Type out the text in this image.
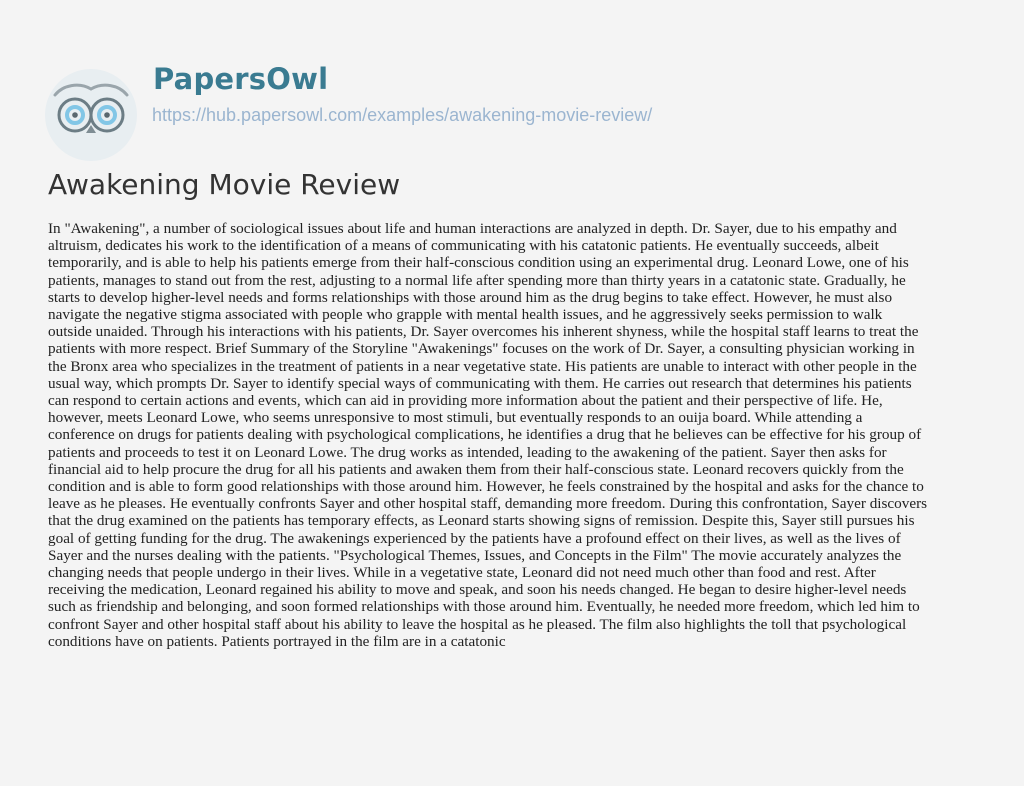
PapersOwl
https://hub.papersowl.com/examples/awakening-movie-review/
Awakening Movie Review
In "Awakening", a number of sociological issues about life and human interactions are analyzed in depth. Dr. Sayer, due to his empathy and
altruism, dedicates his work to the identification of a means of communicating with his catatonic patients. He eventually succeeds, albeit
temporarily, and is able to help his patients emerge from their half-conscious condition using an experimental drug. Leonard Lowe, one of his
patients, manages to stand out from the rest, adjusting to a normal life after spending more than thirty years in a catatonic state. Gradually, he
starts to develop higher-level needs and forms relationships with those around him as the drug begins to take effect. However, he must also
navigate the negative stigma associated with people who grapple with mental health issues, and he aggressively seeks permission to walk
outside unaided. Through his interactions with his patients, Dr. Sayer overcomes his inherent shyness, while the hospital staff learns to treat the
patients with more respect. Brief Summary of the Storyline "Awakenings" focuses on the work of Dr. Sayer, a consulting physician working in
the Bronx area who specializes in the treatment of patients in a near vegetative state. His patients are unable to interact with other people in the
usual way, which prompts Dr. Sayer to identify special ways of communicating with them. He carries out research that determines his patients
can respond to certain actions and events, which can aid in providing more information about the patient and their perspective of life. He,
however, meets Leonard Lowe, who seems unresponsive to most stimuli, but eventually responds to an ouija board. While attending a
conference on drugs for patients dealing with psychological complications, he identifies a drug that he believes can be effective for his group of
patients and proceeds to test it on Leonard Lowe. The drug works as intended, leading to the awakening of the patient. Sayer then asks for
financial aid to help procure the drug for all his patients and awaken them from their half-conscious state. Leonard recovers quickly from the
condition and is able to form good relationships with those around him. However, he feels constrained by the hospital and asks for the chance to
leave as he pleases. He eventually confronts Sayer and other hospital staff, demanding more freedom. During this confrontation, Sayer discovers
that the drug examined on the patients has temporary effects, as Leonard starts showing signs of remission. Despite this, Sayer still pursues his
goal of getting funding for the drug. The awakenings experienced by the patients have a profound effect on their lives, as well as the lives of
Sayer and the nurses dealing with the patients. "Psychological Themes, Issues, and Concepts in the Film" The movie accurately analyzes the
changing needs that people undergo in their lives. While in a vegetative state, Leonard did not need much other than food and rest. After
receiving the medication, Leonard regained his ability to move and speak, and soon his needs changed. He began to desire higher-level needs
such as friendship and belonging, and soon formed relationships with those around him. Eventually, he needed more freedom, which led him to
confront Sayer and other hospital staff about his ability to leave the hospital as he pleased. The film also highlights the toll that psychological
conditions have on patients. Patients portrayed in the film are in a catatonic
